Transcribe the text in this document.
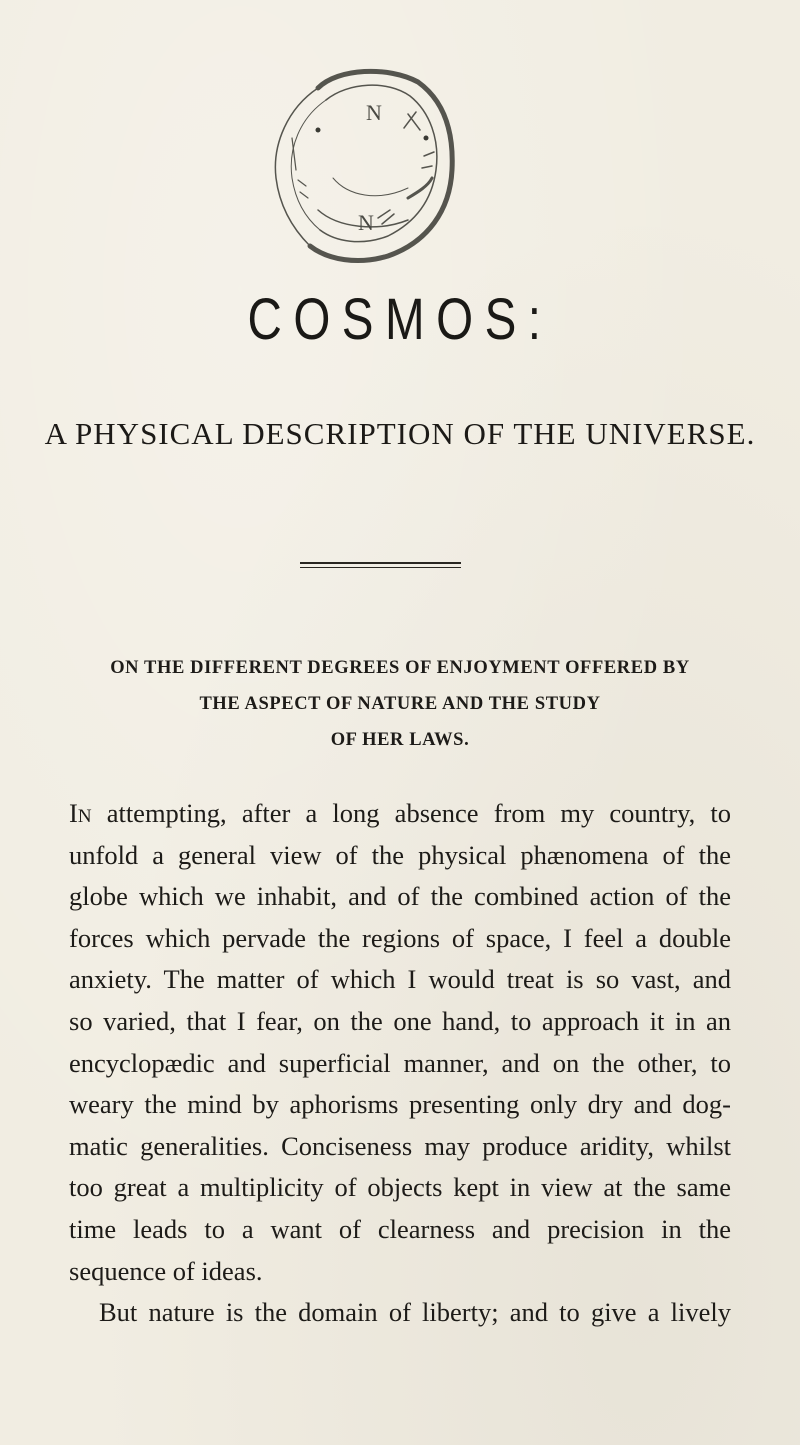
N
N
COSMOS:
A PHYSICAL DESCRIPTION OF THE UNIVERSE.
ON THE DIFFERENT DEGREES OF ENJOYMENT OFFERED BY
THE ASPECT OF NATURE AND THE STUDY
OF HER LAWS.
In attempting, after a long absence from my country, to
unfold a general view of the physical phænomena of the
globe which we inhabit, and of the combined action of the
forces which pervade the regions of space, I feel a double
anxiety. The matter of which I would treat is so vast, and
so varied, that I fear, on the one hand, to approach it in an
encyclopædic and superficial manner, and on the other, to
weary the mind by aphorisms presenting only dry and dog-
matic generalities. Conciseness may produce aridity, whilst
too great a multiplicity of objects kept in view at the same
time leads to a want of clearness and precision in the
sequence of ideas.
But nature is the domain of liberty; and to give a lively
